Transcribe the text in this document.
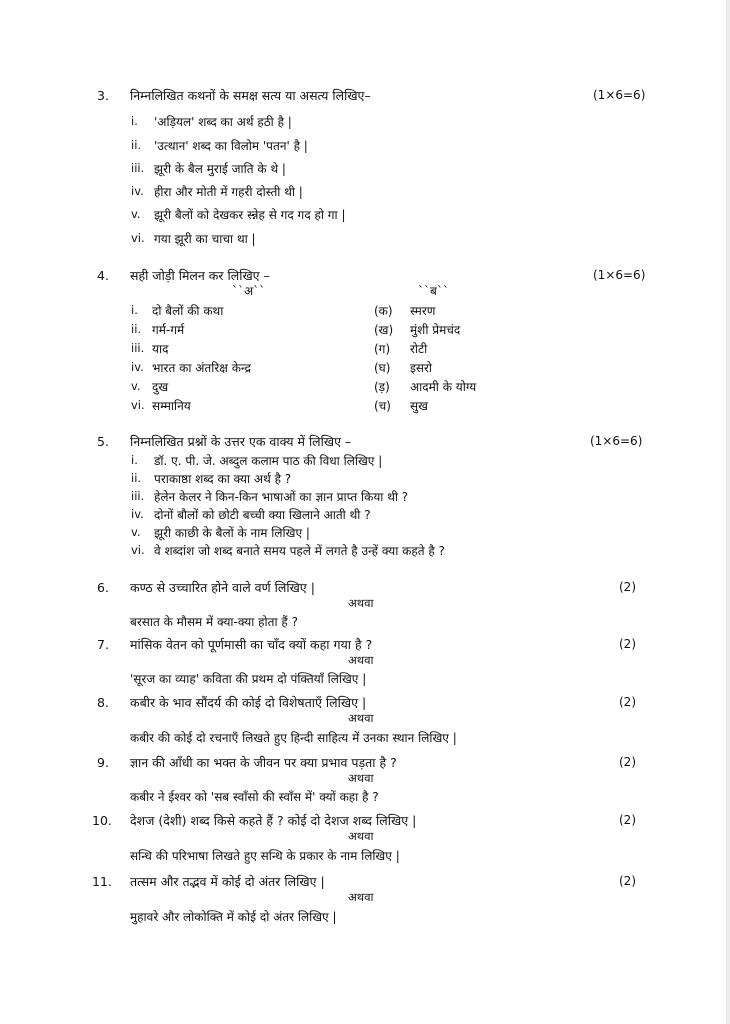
3. निम्नलिखित कथनों के समक्ष सत्य या असत्य लिखिए–	(1×6=6)
i. 'अड़ियल' शब्द का अर्थ हठी है |
ii. 'उत्थान' शब्द का विलोम 'पतन' है |
iii. झूरी के बैल मुराई जाति के थे |
iv. हीरा और मोती में गहरी दोस्ती थी |
v. झूरी बैलों को देखकर स्न्नेह से गद गद हो गा |
vi. गया झूरी का चाचा था |
4. सही जोड़ी मिलन कर लिखिए –	(1×6=6)
``अ``	``ब``
i. दो बैलों की कथा	(क) स्मरण
ii. गर्म-गर्म	(ख) मुंशी प्रेमचंद
iii. याद	(ग) रोटी
iv. भारत का अंतरिक्ष केन्द्र	(घ) इसरो
v. दुख	(ड़) आदमी के योग्य
vi. सम्मानिय	(च) सुख
5. निम्नलिखित प्रश्नों के उत्तर एक वाक्य में लिखिए –	(1×6=6)
i. डॉ. ए. पी. जे. अब्दुल कलाम पाठ की विधा लिखिए |
ii. पराकाष्ठा शब्द का क्या अर्थ है ?
iii. हेलेन केलर ने किन-किन भाषाओं का ज्ञान प्राप्त किया थी ?
iv. दोनों बौलों को छोटी बच्ची क्या खिलाने आती थी ?
v. झूरी काछी के बैलों के नाम लिखिए |
vi. वे शब्दांश जो शब्द बनाते समय पहले में लगते है उन्हें क्या कहते है ?
6. कण्ठ से उच्चारित होने वाले वर्ण लिखिए |	(2)
अथवा
बरसात के मौसम में क्या-क्या होता हैं ?
7. मांसिक वेतन को पूर्णमासी का चाँद क्यों कहा गया है ?	(2)
अथवा
'सूरज का व्याह' कविता की प्रथम दो पंक्तियाँ लिखिए |
8. कबीर के भाव सौंदर्य की कोई दो विशेषताएँ लिखिए |	(2)
अथवा
कबीर की कोई दो रचनाएँ लिखते हुए हिन्दी साहित्य में उनका स्थान लिखिए |
9. ज्ञान की आँधी का भक्त के जीवन पर क्या प्रभाव पड़ता है ?	(2)
अथवा
कबीर ने ईश्वर को 'सब स्वाँसो की स्वाँस में' क्यों कहा है ?
10. देशज (देशी) शब्द किसे कहते हैं ? कोई दो देशज शब्द लिखिए |	(2)
अथवा
सन्धि की परिभाषा लिखते हुए सन्धि के प्रकार के नाम लिखिए |
11. तत्सम और तद्भव में कोई दो अंतर लिखिए |	(2)
अथवा
मुहावरे और लोकोक्ति में कोई दो अंतर लिखिए |
